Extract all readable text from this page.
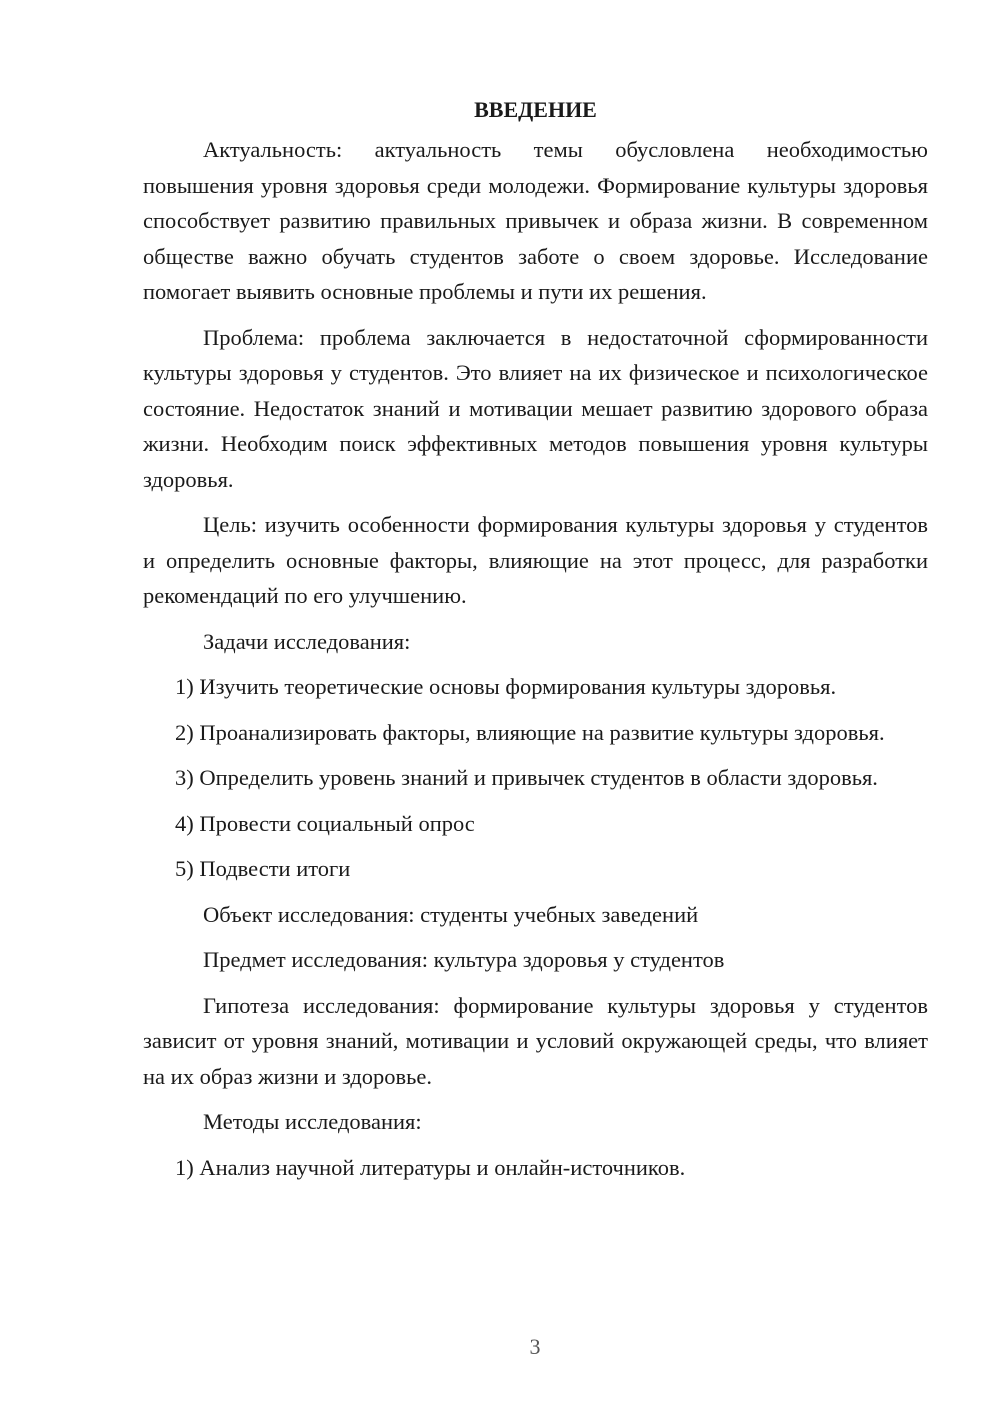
ВВЕДЕНИЕ

Актуальность: актуальность темы обусловлена необходимостью повышения уровня здоровья среди молодежи. Формирование культуры здоровья способствует развитию правильных привычек и образа жизни. В современном обществе важно обучать студентов заботе о своем здоровье. Исследование помогает выявить основные проблемы и пути их решения.

Проблема: проблема заключается в недостаточной сформированности культуры здоровья у студентов. Это влияет на их физическое и психологическое состояние. Недостаток знаний и мотивации мешает развитию здорового образа жизни. Необходим поиск эффективных методов повышения уровня культуры здоровья.

Цель: изучить особенности формирования культуры здоровья у студентов и определить основные факторы, влияющие на этот процесс, для разработки рекомендаций по его улучшению.

Задачи исследования:

1) Изучить теоретические основы формирования культуры здоровья.

2) Проанализировать факторы, влияющие на развитие культуры здоровья.

3) Определить уровень знаний и привычек студентов в области здоровья.

4) Провести социальный опрос

5) Подвести итоги

Объект исследования: студенты учебных заведений

Предмет исследования: культура здоровья у студентов

Гипотеза исследования: формирование культуры здоровья у студентов зависит от уровня знаний, мотивации и условий окружающей среды, что влияет на их образ жизни и здоровье.

Методы исследования:

1) Анализ научной литературы и онлайн-источников.

3
